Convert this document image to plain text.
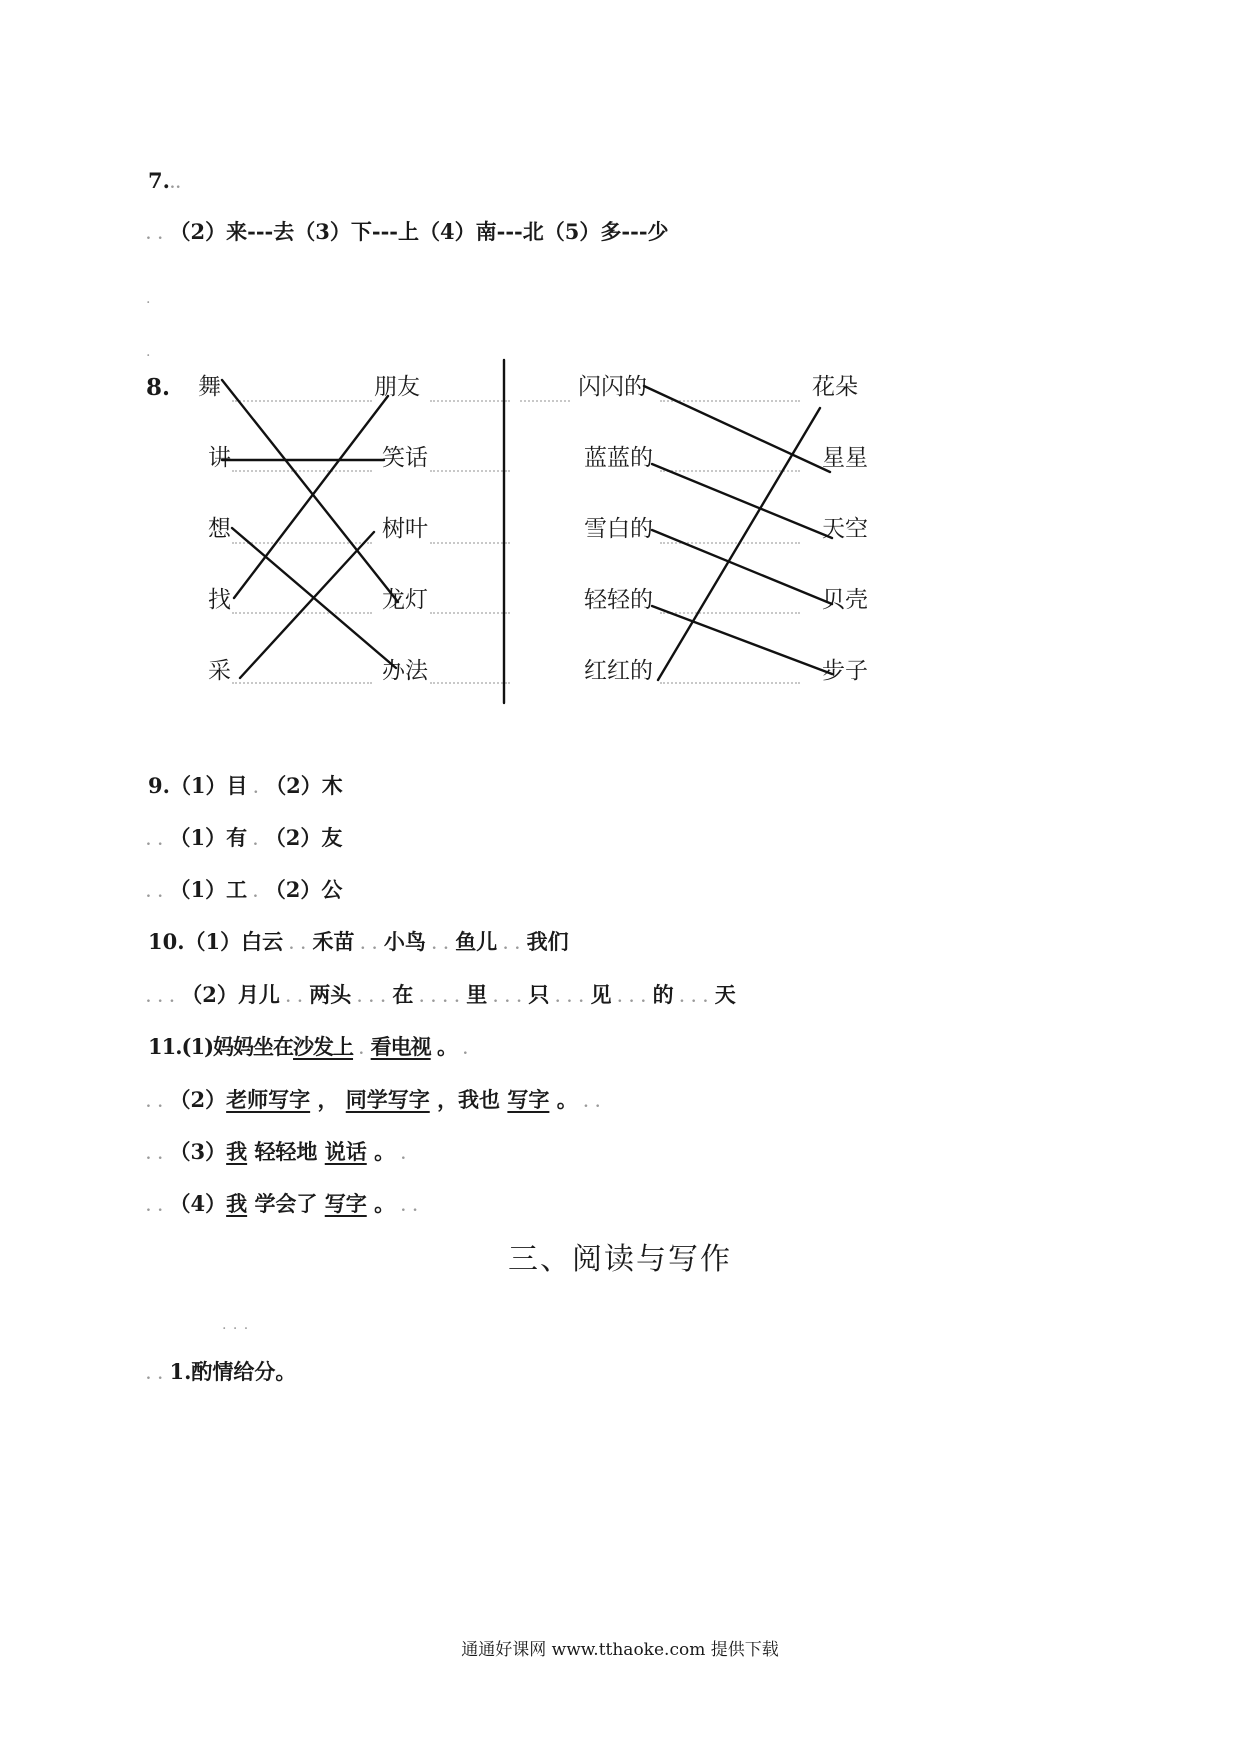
7...
. . （2）来---去（3）下---上（4）南---北（5）多---少
.
.
8. 舞
讲
想
找
采
朋友
笑话
树叶
龙灯
办法
闪闪的
蓝蓝的
雪白的
轻轻的
红红的
花朵
星星
天空
贝壳
步子
9.（1）目 . （2）木
. . （1）有 . （2）友
. . （1）工 . （2）公
10.（1）白云 . . 禾苗 . . 小鸟 . . 鱼儿 . . 我们
. . . （2）月儿 . . 两头 . . . 在 . . . . 里 . . . 只 . . . 见 . . . 的 . . . 天
11.(1)妈妈坐在沙发上 . 看电视 。 .
. . （2）老师写字 ， 同学写字 ，我也 写字 。 . .
. . （3）我 轻轻地 说话 。 .
. . （4）我 学会了 写字 。 . .
三、阅读与写作
. . .
. . 1.酌情给分。
通通好课网 www.tthaoke.com 提供下载
